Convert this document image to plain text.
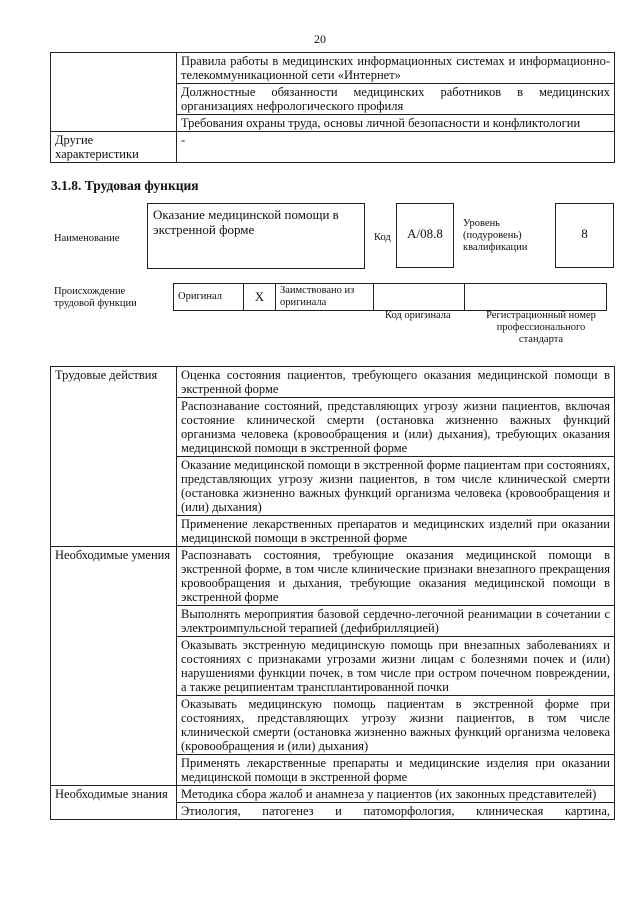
20
	Правила работы в медицинских информационных системах и информационно-телекоммуникационной сети «Интернет»
	Должностные обязанности медицинских работников в медицинских организациях нефрологического профиля
	Требования охраны труда, основы личной безопасности и конфликтологии
Другие характеристики	-
3.1.8. Трудовая функция
Наименование
Оказание медицинской помощи в экстренной форме
Код	A/08.8
Уровень (подуровень) квалификации
8
Происхождение трудовой функции
Оригинал	X	Заимствовано из оригинала		
Код оригинала	Регистрационный номер профессионального стандарта
Трудовые действия	Оценка состояния пациентов, требующего оказания медицинской помощи в экстренной форме
	Распознавание состояний, представляющих угрозу жизни пациентов, включая состояние клинической смерти (остановка жизненно важных функций организма человека (кровообращения и (или) дыхания), требующих оказания медицинской помощи в экстренной форме
	Оказание медицинской помощи в экстренной форме пациентам при состояниях, представляющих угрозу жизни пациентов, в том числе клинической смерти (остановка жизненно важных функций организма человека (кровообращения и (или) дыхания)
	Применение лекарственных препаратов и медицинских изделий при оказании медицинской помощи в экстренной форме
Необходимые умения	Распознавать состояния, требующие оказания медицинской помощи в экстренной форме, в том числе клинические признаки внезапного прекращения кровообращения и дыхания, требующие оказания медицинской помощи в экстренной форме
	Выполнять мероприятия базовой сердечно-легочной реанимации в сочетании с электроимпульсной терапией (дефибрилляцией)
	Оказывать экстренную медицинскую помощь при внезапных заболеваниях и состояниях с признаками угрозами жизни лицам с болезнями почек и (или) нарушениями функции почек, в том числе при остром почечном повреждении, а также реципиентам трансплантированной почки
	Оказывать медицинскую помощь пациентам в экстренной форме при состояниях, представляющих угрозу жизни пациентов, в том числе клинической смерти (остановка жизненно важных функций организма человека (кровообращения и (или) дыхания)
	Применять лекарственные препараты и медицинские изделия при оказании медицинской помощи в экстренной форме
Необходимые знания	Методика сбора жалоб и анамнеза у пациентов (их законных представителей)
	Этиология, патогенез и патоморфология, клиническая картина,
